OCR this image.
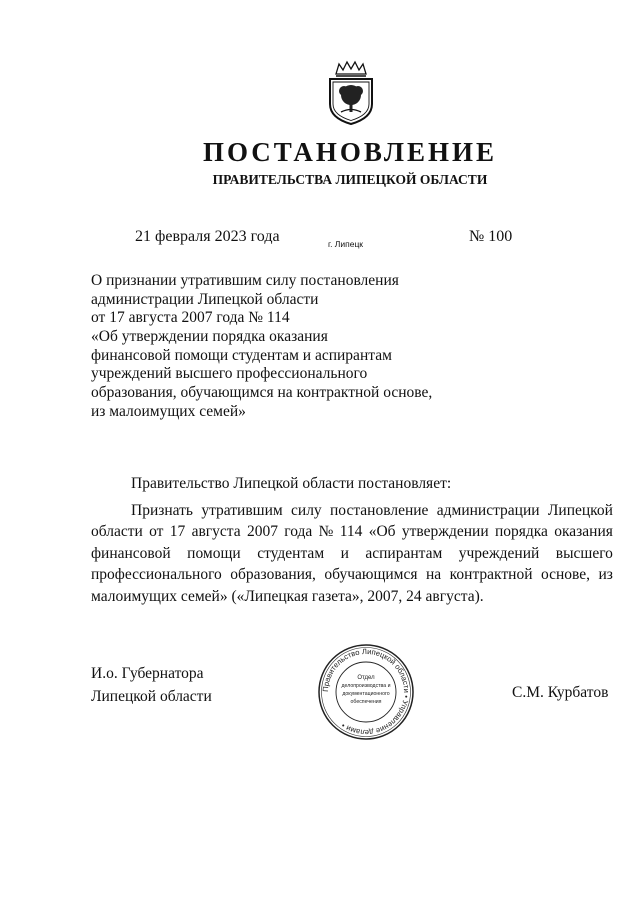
ПОСТАНОВЛЕНИЕ
ПРАВИТЕЛЬСТВА ЛИПЕЦКОЙ ОБЛАСТИ
21 февраля 2023 года	г. Липецк	№ 100
О признании утратившим силу постановления
администрации Липецкой области
от 17 августа 2007 года № 114
«Об утверждении порядка оказания
финансовой помощи студентам и аспирантам
учреждений высшего профессионального
образования, обучающимся на контрактной основе,
из малоимущих семей»
Правительство Липецкой области постановляет:
Признать утратившим силу постановление администрации Липецкой
области от 17 августа 2007 года № 114 «Об утверждении порядка оказания
финансовой помощи студентам и аспирантам учреждений высшего
профессионального образования, обучающимся на контрактной основе, из
малоимущих семей» («Липецкая газета», 2007, 24 августа).
И.о. Губернатора
Липецкой области	С.М. Курбатов
Правительство Липецкой области • Управление делами •
Отдел
делопроизводства и
документационного
обеспечения
